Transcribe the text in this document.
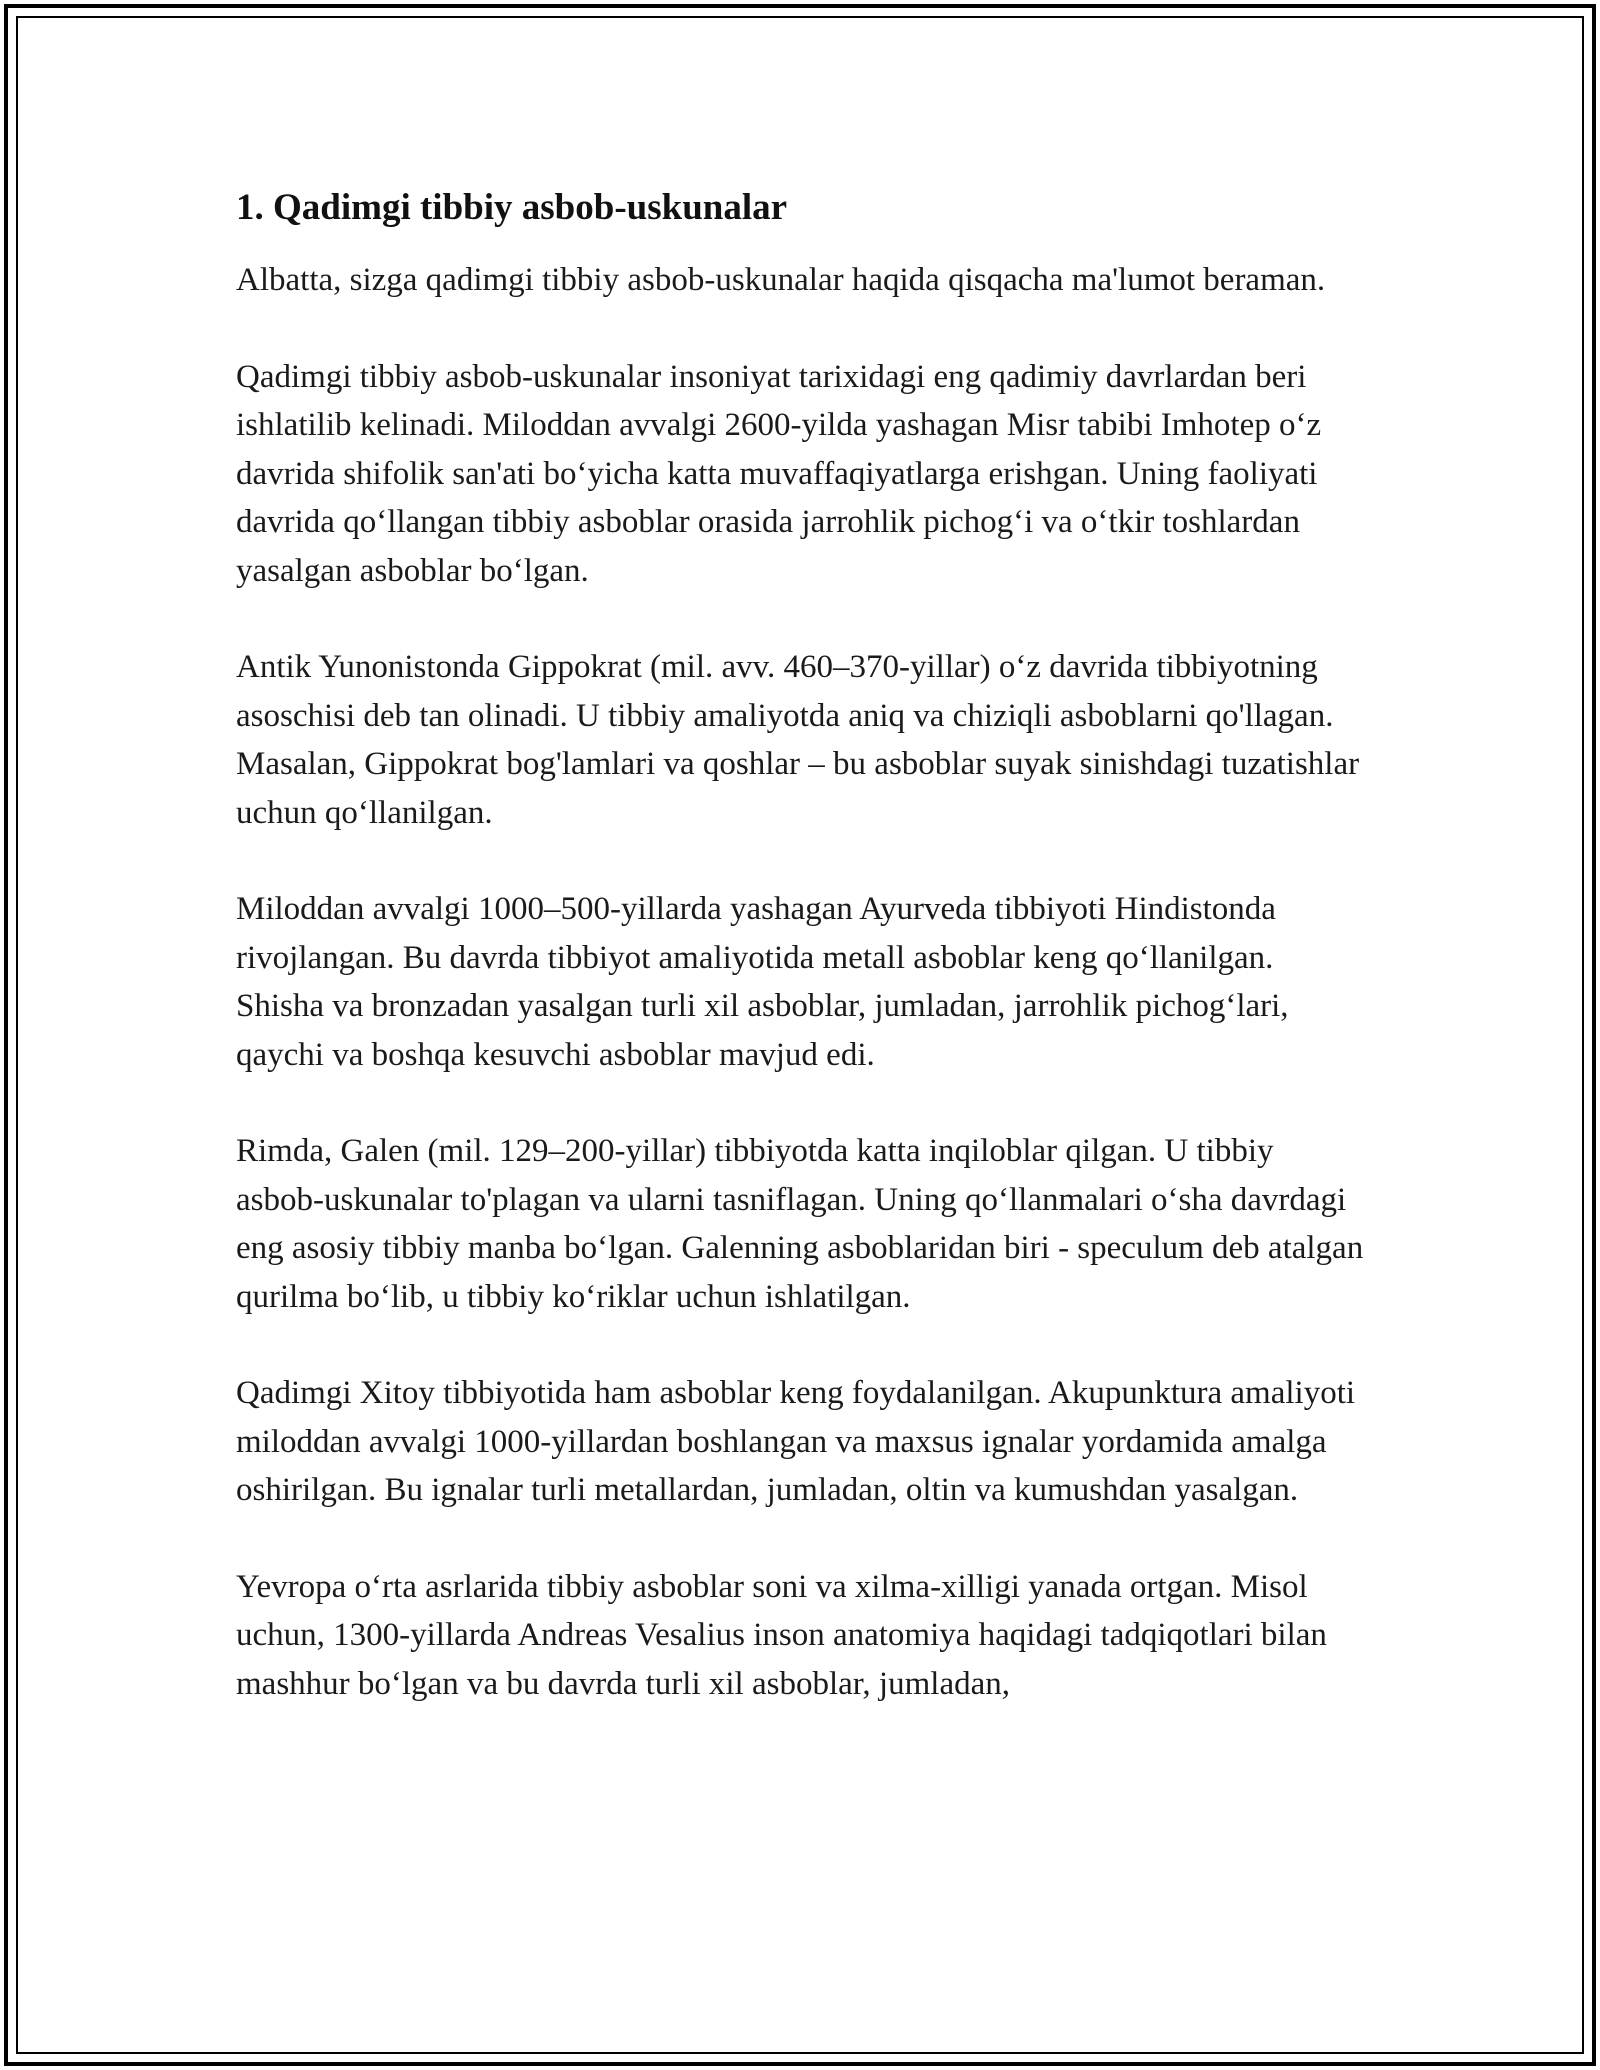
1. Qadimgi tibbiy asbob-uskunalar

Albatta, sizga qadimgi tibbiy asbob-uskunalar haqida qisqacha ma'lumot beraman.

Qadimgi tibbiy asbob-uskunalar insoniyat tarixidagi eng qadimiy davrlardan beri ishlatilib kelinadi. Miloddan avvalgi 2600-yilda yashagan Misr tabibi Imhotep o‘z davrida shifolik san'ati bo‘yicha katta muvaffaqiyatlarga erishgan. Uning faoliyati davrida qo‘llangan tibbiy asboblar orasida jarrohlik pichog‘i va o‘tkir toshlardan yasalgan asboblar bo‘lgan.

Antik Yunonistonda Gippokrat (mil. avv. 460–370-yillar) o‘z davrida tibbiyotning asoschisi deb tan olinadi. U tibbiy amaliyotda aniq va chiziqli asboblarni qo'llagan. Masalan, Gippokrat bog'lamlari va qoshlar – bu asboblar suyak sinishdagi tuzatishlar uchun qo‘llanilgan.

Miloddan avvalgi 1000–500-yillarda yashagan Ayurveda tibbiyoti Hindistonda rivojlangan. Bu davrda tibbiyot amaliyotida metall asboblar keng qo‘llanilgan. Shisha va bronzadan yasalgan turli xil asboblar, jumladan, jarrohlik pichog‘lari, qaychi va boshqa kesuvchi asboblar mavjud edi.

Rimda, Galen (mil. 129–200-yillar) tibbiyotda katta inqiloblar qilgan. U tibbiy asbob-uskunalar to'plagan va ularni tasniflagan. Uning qo‘llanmalari o‘sha davrdagi eng asosiy tibbiy manba bo‘lgan. Galenning asboblaridan biri - speculum deb atalgan qurilma bo‘lib, u tibbiy ko‘riklar uchun ishlatilgan.

Qadimgi Xitoy tibbiyotida ham asboblar keng foydalanilgan. Akupunktura amaliyoti miloddan avvalgi 1000-yillardan boshlangan va maxsus ignalar yordamida amalga oshirilgan. Bu ignalar turli metallardan, jumladan, oltin va kumushdan yasalgan.

Yevropa o‘rta asrlarida tibbiy asboblar soni va xilma-xilligi yanada ortgan. Misol uchun, 1300-yillarda Andreas Vesalius inson anatomiya haqidagi tadqiqotlari bilan mashhur bo‘lgan va bu davrda turli xil asboblar, jumladan,
